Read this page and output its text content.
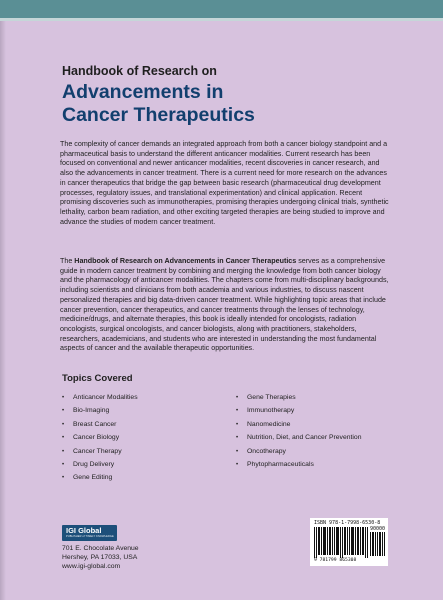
Handbook of Research on
Advancements in
Cancer Therapeutics
The complexity of cancer demands an integrated approach from both a cancer biology standpoint and a pharmaceutical basis to understand the different anticancer modalities. Current research has been focused on conventional and newer anticancer modalities, recent discoveries in cancer research, and also the advancements in cancer treatment. There is a current need for more research on the advances in cancer therapeutics that bridge the gap between basic research (pharmaceutical drug development processes, regulatory issues, and translational experimentation) and clinical application. Recent promising discoveries such as immunotherapies, promising therapies undergoing clinical trials, synthetic lethality, carbon beam radiation, and other exciting targeted therapies are being studied to improve and advance the studies of modern cancer treatment.
The Handbook of Research on Advancements in Cancer Therapeutics serves as a comprehensive guide in modern cancer treatment by combining and merging the knowledge from both cancer biology and the pharmacology of anticancer modalities. The chapters come from multi-disciplinary backgrounds, including scientists and clinicians from both academia and various industries, to discuss nascent personalized therapies and big data-driven cancer treatment. While highlighting topic areas that include cancer prevention, cancer therapeutics, and cancer treatments through the lenses of technology, medicine/drugs, and alternate therapies, this book is ideally intended for oncologists, radiation oncologists, surgical oncologists, and cancer biologists, along with practitioners, stakeholders, researchers, academicians, and students who are interested in understanding the most fundamental aspects of cancer and the available therapeutic opportunities.
Topics Covered
• Anticancer Modalities
• Bio-Imaging
• Breast Cancer
• Cancer Biology
• Cancer Therapy
• Drug Delivery
• Gene Editing
• Gene Therapies
• Immunotherapy
• Nanomedicine
• Nutrition, Diet, and Cancer Prevention
• Oncotherapy
• Phytopharmaceuticals
IGI Global
PUBLISHER of TIMELY KNOWLEDGE
701 E. Chocolate Avenue
Hershey, PA 17033, USA
www.igi-global.com
ISBN 978-1-7998-6530-8
90000
9 781799 865308
